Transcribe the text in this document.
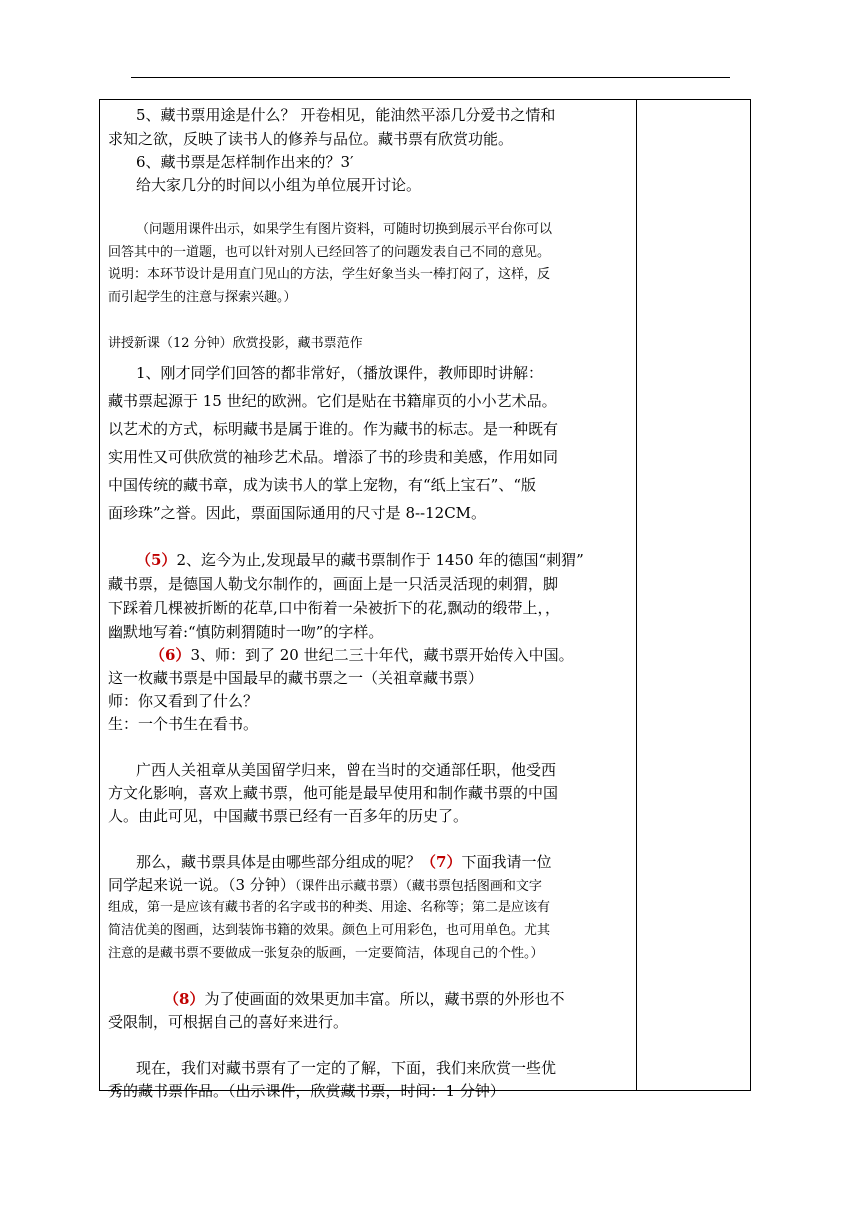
5、藏书票用途是什么？ 开卷相见，能油然平添几分爱书之情和
求知之欲，反映了读书人的修养与品位。藏书票有欣赏功能。
6、藏书票是怎样制作出来的？3′
给大家几分的时间以小组为单位展开讨论。
（问题用课件出示，如果学生有图片资料，可随时切换到展示平台你可以
回答其中的一道题，也可以针对别人已经回答了的问题发表自己不同的意见。
说明：本环节设计是用直门见山的方法，学生好象当头一棒打闷了，这样，反
而引起学生的注意与探索兴趣。）
讲授新课（12 分钟）欣赏投影，藏书票范作
1、刚才同学们回答的都非常好，（播放课件，教师即时讲解：
藏书票起源于 15 世纪的欧洲。它们是贴在书籍扉页的小小艺术品。
以艺术的方式，标明藏书是属于谁的。作为藏书的标志。是一种既有
实用性又可供欣赏的袖珍艺术品。增添了书的珍贵和美感，作用如同
中国传统的藏书章，成为读书人的掌上宠物，有“纸上宝石”、“版
面珍珠”之誉。因此，票面国际通用的尺寸是 8--12CM。
（5）2、迄今为止,发现最早的藏书票制作于 1450 年的德国“刺猬”
藏书票，是德国人勒戈尔制作的，画面上是一只活灵活现的刺猬，脚
下踩着几棵被折断的花草,口中衔着一朵被折下的花,飘动的缎带上，，
幽默地写着:“慎防刺猬随时一吻”的字样。
（6）3、师：到了 20 世纪二三十年代，藏书票开始传入中国。
这一枚藏书票是中国最早的藏书票之一（关祖章藏书票）
师：你又看到了什么？
生：一个书生在看书。
广西人关祖章从美国留学归来，曾在当时的交通部任职，他受西
方文化影响，喜欢上藏书票，他可能是最早使用和制作藏书票的中国
人。由此可见，中国藏书票已经有一百多年的历史了。
那么，藏书票具体是由哪些部分组成的呢？（7）下面我请一位
同学起来说一说。（3 分钟）（课件出示藏书票）（藏书票包括图画和文字
组成，第一是应该有藏书者的名字或书的种类、用途、名称等；第二是应该有
简洁优美的图画，达到装饰书籍的效果。颜色上可用彩色，也可用单色。尤其
注意的是藏书票不要做成一张复杂的版画，一定要简洁，体现自己的个性。）
（8）为了使画面的效果更加丰富。所以，藏书票的外形也不
受限制，可根据自己的喜好来进行。
现在，我们对藏书票有了一定的了解，下面，我们来欣赏一些优
秀的藏书票作品。（出示课件，欣赏藏书票，时间：1 分钟）
